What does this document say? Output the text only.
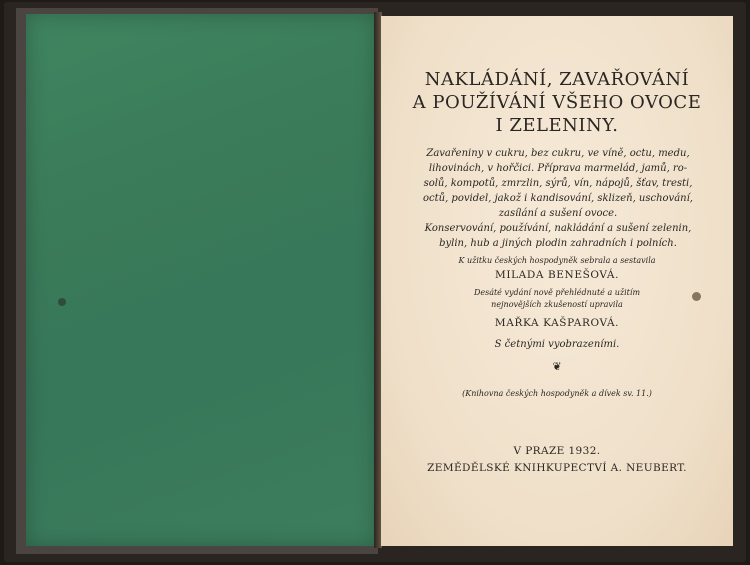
NAKLÁDÁNÍ, ZAVAŘOVÁNÍ
A POUŽÍVÁNÍ VŠEHO OVOCE
I ZELENINY.
Zavařeniny v cukru, bez cukru, ve víně, octu, medu,
lihovinách, v hořčici. Příprava marmelád, jamů, ro-
solů, kompotů, zmrzlin, sýrů, vín, nápojů, šťav, tresti,
octů, povidel, jakož i kandisování, sklizeň, uschování,
zasílání a sušení ovoce.
Konservování, používání, nakládání a sušení zelenin,
bylin, hub a jiných plodin zahradních i polních.
K užitku českých hospodyněk sebrala a sestavila
MILADA BENEŠOVÁ.
Desáté vydání nově přehlédnuté a užitím
nejnovějších zkušeností upravila
MAŘKA KAŠPAROVÁ.
S četnými vyobrazeními.
❦
(Knihovna českých hospodyněk a dívek sv. 11.)
V PRAZE 1932.
ZEMĚDĚLSKÉ KNIHKUPECTVÍ A. NEUBERT.
